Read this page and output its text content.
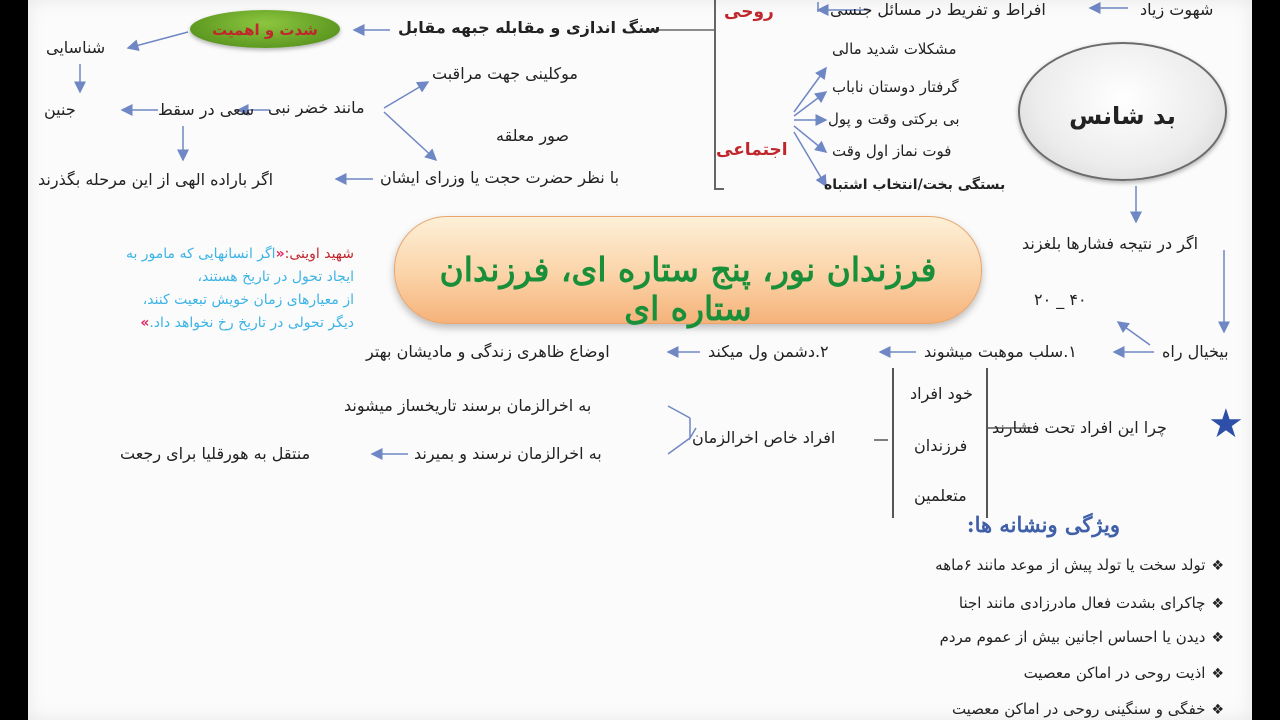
شهوت زیاد
افراط و تفریط در مسائل جنسی
روحی
سنگ اندازی و مقابله جبهه مقابل
شدت و اهمیت
شناسایی
جنین	سعی در سقط مانند خضر نبی
موکلینی جهت مراقبت
صور معلقه
با نظر حضرت حجت یا وزرای ایشان
اگر باراده الهی از این مرحله بگذرند
اجتماعی
مشکلات شدید مالی
گرفتار دوستان ناباب
بی برکتی وقت و پول
فوت نماز اول وقت
بستگی بخت/انتخاب اشتباه
بد شانس
فرزندان نور، پنج ستاره ای، فرزندان ستاره ای
شهید اوینی:«اگر انسانهایی که مامور به
ایجاد تحول در تاریخ هستند،
از معیارهای زمان خویش تبعیت کنند،
دیگر تحولی در تاریخ رخ نخواهد داد.»
اگر در نتیجه فشارها بلغزند
۴۰ _ ۲۰
بیخیال راه
۱.سلب موهبت میشوند
۲.دشمن ول میکند
اوضاع ظاهری زندگی و مادیشان بهتر
★
چرا این افراد تحت فشارند
خود افراد
فرزندان
متعلمین
افراد خاص اخرالزمان
به اخرالزمان برسند تاریخساز میشوند
به اخرالزمان نرسند و بمیرند
منتقل به هورقلیا برای رجعت
ویژگی ونشانه ها:
❖تولد سخت یا تولد پیش از موعد مانند ۶ماهه
❖چاکرای بشدت فعال مادرزادی مانند اجنا
❖دیدن یا احساس اجانین بیش از عموم مردم
❖اذیت روحی در اماکن معصیت
❖خفگی و سنگینی روحی در اماکن معصیت
